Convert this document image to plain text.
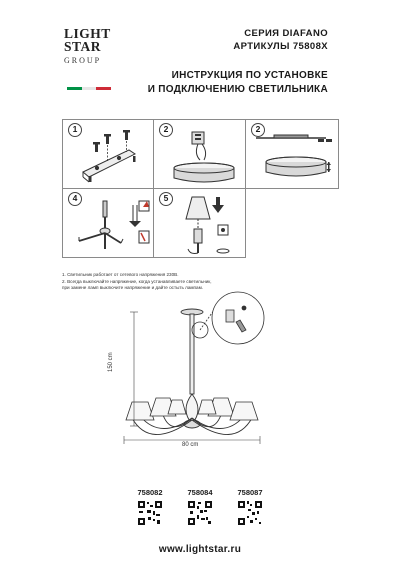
LIGHT
STAR
GROUP
СЕРИЯ DIAFANO
АРТИКУЛЫ 75808X
ИНСТРУКЦИЯ ПО УСТАНОВКЕ
И ПОДКЛЮЧЕНИЮ СВЕТИЛЬНИКА
1	2	2
4	5
1. Светильник работает от сетевого напряжения 230В.
2. Всегда выключайте напряжение, когда устанавливаете светильник,
при замене ламп выключите напряжение и дайте остыть лампам.
150 cm
80 cm
758082	758084	758087
www.lightstar.ru
